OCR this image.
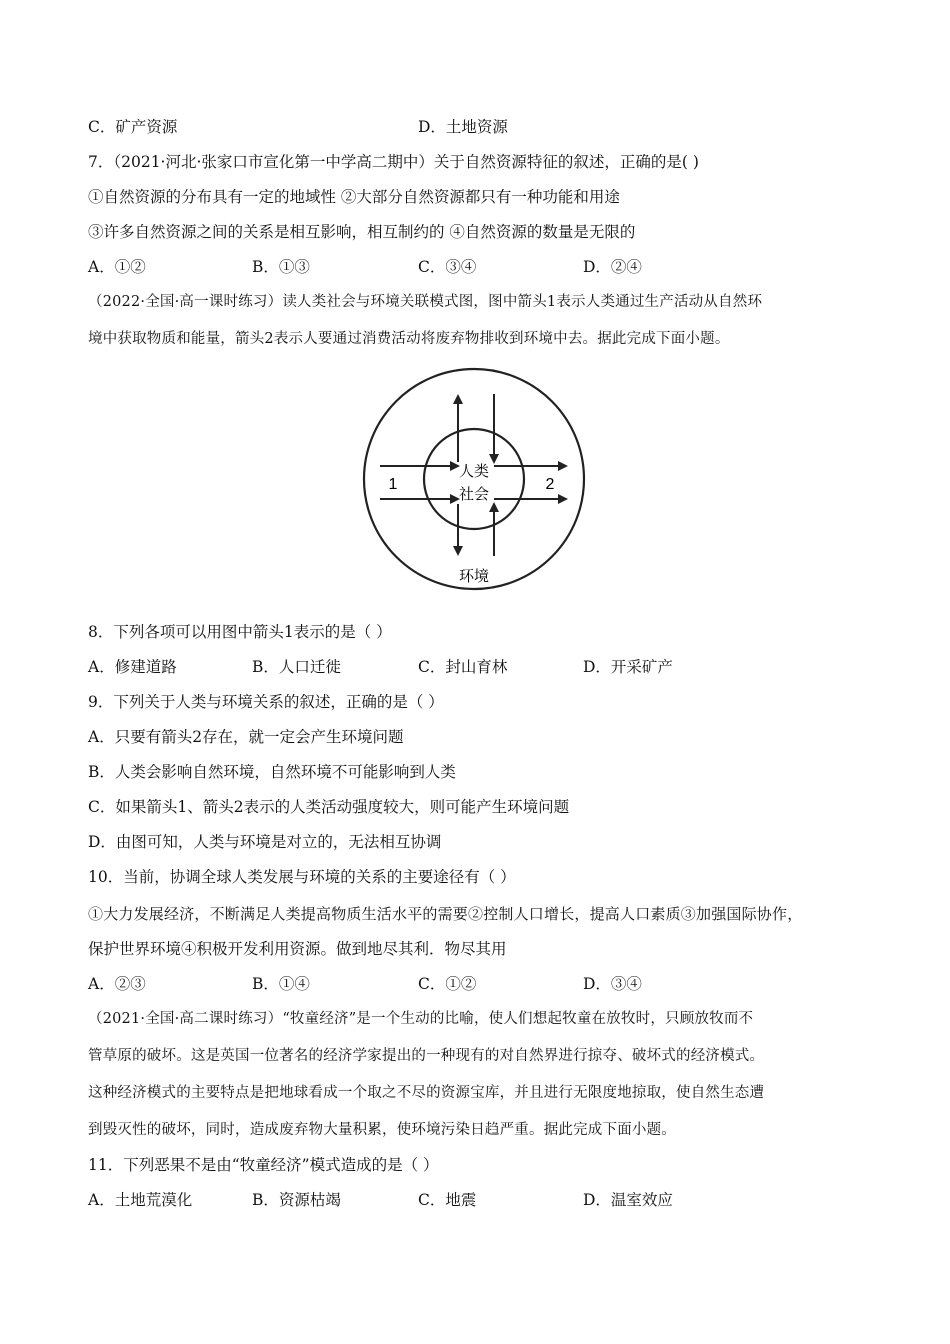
C．矿产资源	D．土地资源
7．（2021·河北·张家口市宣化第一中学高二期中）关于自然资源特征的叙述，正确的是( )
①自然资源的分布具有一定的地域性 ②大部分自然资源都只有一种功能和用途
③许多自然资源之间的关系是相互影响，相互制约的 ④自然资源的数量是无限的
A．①②	B．①③	C．③④	D．②④
（2022·全国·高一课时练习）读人类社会与环境关联模式图，图中箭头1表示人类通过生产活动从自然环
境中获取物质和能量，箭头2表示人要通过消费活动将废弃物排收到环境中去。据此完成下面小题。
人类
社会
1	2
环境
8．下列各项可以用图中箭头1表示的是（ ）
A．修建道路	B．人口迁徙	C．封山育林	D．开采矿产
9．下列关于人类与环境关系的叙述，正确的是（ ）
A．只要有箭头2存在，就一定会产生环境问题
B．人类会影响自然环境，自然环境不可能影响到人类
C．如果箭头1、箭头2表示的人类活动强度较大，则可能产生环境问题
D．由图可知，人类与环境是对立的，无法相互协调
10．当前，协调全球人类发展与环境的关系的主要途径有（ ）
①大力发展经济，不断满足人类提高物质生活水平的需要②控制人口增长，提高人口素质③加强国际协作，
保护世界环境④积极开发利用资源。做到地尽其利．物尽其用
A．②③	B．①④	C．①②	D．③④
（2021·全国·高二课时练习）“牧童经济”是一个生动的比喻，使人们想起牧童在放牧时，只顾放牧而不
管草原的破坏。这是英国一位著名的经济学家提出的一种现有的对自然界进行掠夺、破坏式的经济模式。
这种经济模式的主要特点是把地球看成一个取之不尽的资源宝库，并且进行无限度地掠取，使自然生态遭
到毁灭性的破坏，同时，造成废弃物大量积累，使环境污染日趋严重。据此完成下面小题。
11．下列恶果不是由“牧童经济”模式造成的是（ ）
A．土地荒漠化	B．资源枯竭	C．地震	D．温室效应
